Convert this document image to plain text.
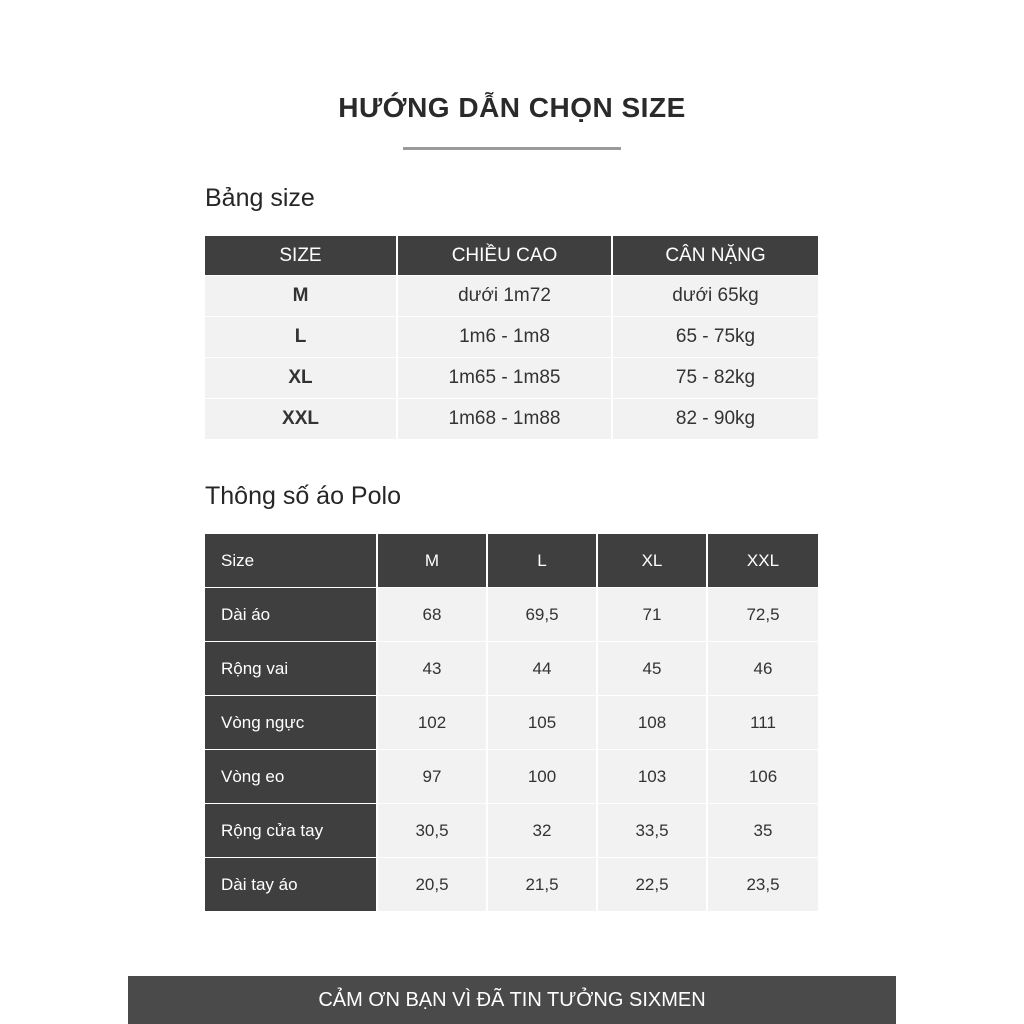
HƯỚNG DẪN CHỌN SIZE
Bảng size
SIZE	CHIỀU CAO	CÂN NẶNG
M	dưới 1m72	dưới 65kg
L	1m6 - 1m8	65 - 75kg
XL	1m65 - 1m85	75 - 82kg
XXL	1m68 - 1m88	82 - 90kg
Thông số áo Polo
Size	M	L	XL	XXL
Dài áo	68	69,5	71	72,5
Rộng vai	43	44	45	46
Vòng ngực	102	105	108	111
Vòng eo	97	100	103	106
Rộng cửa tay	30,5	32	33,5	35
Dài tay áo	20,5	21,5	22,5	23,5
CẢM ƠN BẠN VÌ ĐÃ TIN TƯỞNG SIXMEN
